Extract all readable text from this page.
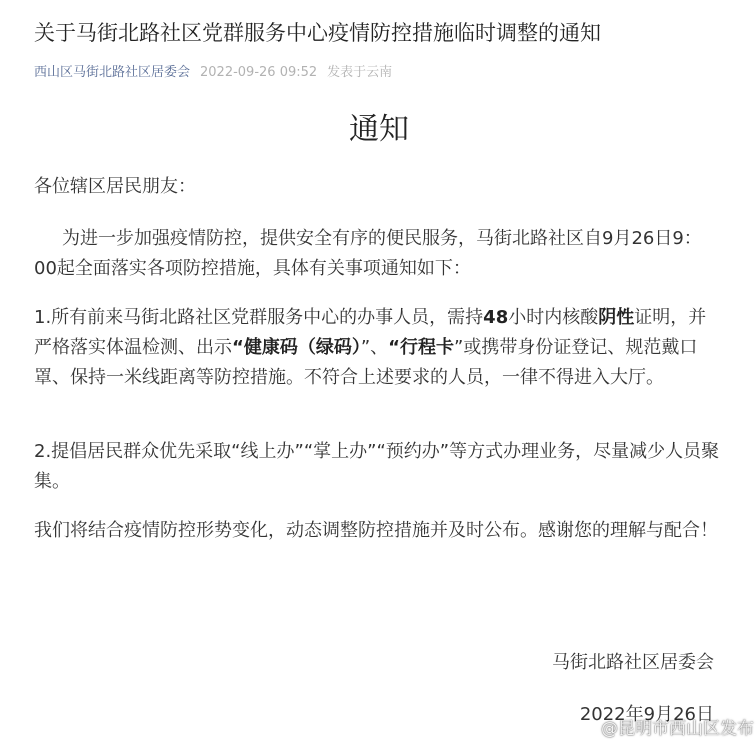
关于马街北路社区党群服务中心疫情防控措施临时调整的通知
西山区马街北路社区居委会 2022-09-26 09:52 发表于云南
通知
各位辖区居民朋友：
为进一步加强疫情防控，提供安全有序的便民服务，马街北路社区自9月26日9：00起全面落实各项防控措施，具体有关事项通知如下：
1.所有前来马街北路社区党群服务中心的办事人员，需持48小时内核酸阴性证明，并严格落实体温检测、出示“健康码（绿码）”、“行程卡”或携带身份证登记、规范戴口罩、保持一米线距离等防控措施。不符合上述要求的人员，一律不得进入大厅。
2.提倡居民群众优先采取“线上办”“掌上办”“预约办”等方式办理业务，尽量减少人员聚集。
我们将结合疫情防控形势变化，动态调整防控措施并及时公布。感谢您的理解与配合！
马街北路社区居委会
2022年9月26日
@昆明市西山区发布
